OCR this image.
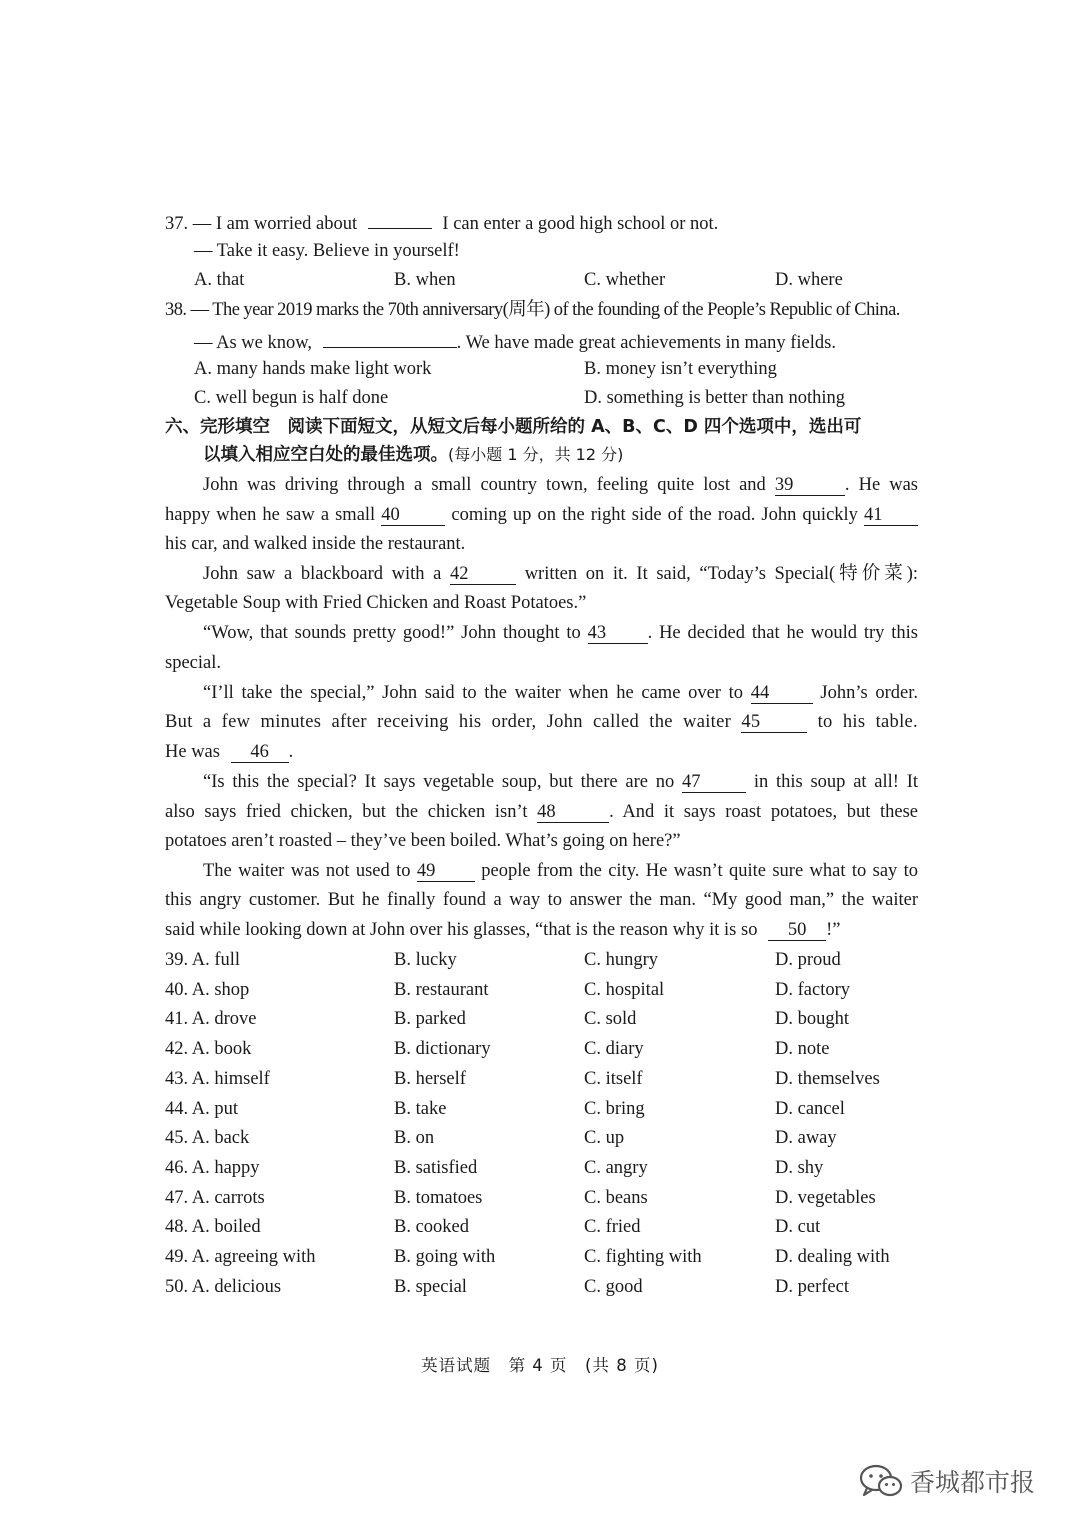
37. — I am worried about	I can enter a good high school or not.
— Take it easy. Believe in yourself!
A. that	B. when	C. whether	D. where
38. — The year 2019 marks the 70th anniversary(周年) of the founding of the People’s Republic of China.
— As we know,	. We have made great achievements in many fields.
A. many hands make light work	B. money isn’t everything
C. well begun is half done	D. something is better than nothing
六、完形填空　阅读下面短文，从短文后每小题所给的 A、B、C、D 四个选项中，选出可
以填入相应空白处的最佳选项。(每小题 1 分，共 12 分)
John was driving through a small country town, feeling quite lost and 39	. He was
happy when he saw a small 40	coming up on the right side of the road. John quickly 41
his car, and walked inside the restaurant.
John saw a blackboard with a 42	written on it. It said, “Today’s Special(特价菜):
Vegetable Soup with Fried Chicken and Roast Potatoes.”
“Wow, that sounds pretty good!” John thought to 43 . He decided that he would try this
special.
“I’ll take the special,” John said to the waiter when he came over to 44	John’s order.
But a few minutes after receiving his order, John called the waiter 45	to his table.
He was 46 .
“Is this the special? It says vegetable soup, but there are no 47	in this soup at all! It
also says fried chicken, but the chicken isn’t 48	. And it says roast potatoes, but these
potatoes aren’t roasted – they’ve been boiled. What’s going on here?”
The waiter was not used to 49 people from the city. He wasn’t quite sure what to say to
this angry customer. But he finally found a way to answer the man. “My good man,” the waiter
said while looking down at John over his glasses, “that is the reason why it is so 50 !”
39. A. full	B. lucky	C. hungry	D. proud
40. A. shop	B. restaurant	C. hospital	D. factory
41. A. drove	B. parked	C. sold	D. bought
42. A. book	B. dictionary	C. diary	D. note
43. A. himself	B. herself	C. itself	D. themselves
44. A. put	B. take	C. bring	D. cancel
45. A. back	B. on	C. up	D. away
46. A. happy	B. satisfied	C. angry	D. shy
47. A. carrots	B. tomatoes	C. beans	D. vegetables
48. A. boiled	B. cooked	C. fried	D. cut
49. A. agreeing with	B. going with	C. fighting with	D. dealing with
50. A. delicious	B. special	C. good	D. perfect
英语试题　第 4 页　(共 8 页)
香城都市报
